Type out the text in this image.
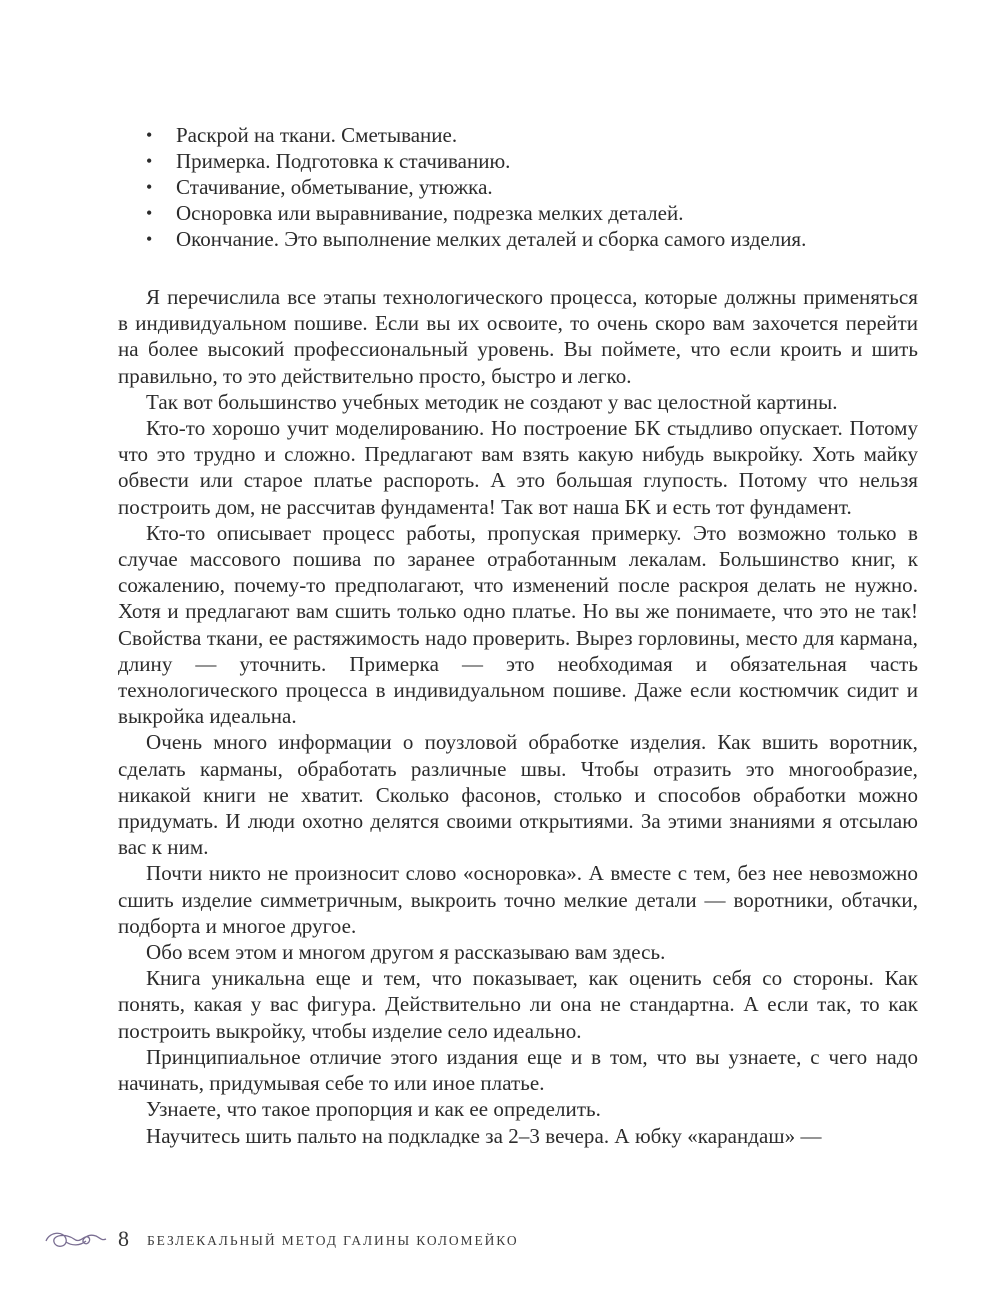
• Раскрой на ткани. Сметывание.
• Примерка. Подготовка к стачиванию.
• Стачивание, обметывание, утюжка.
• Осноровка или выравнивание, подрезка мелких деталей.
• Окончание. Это выполнение мелких деталей и сборка самого изделия.

Я перечислила все этапы технологического процесса, которые должны применяться в индивидуальном пошиве. Если вы их освоите, то очень скоро вам захочется перейти на более высокий профессиональный уровень. Вы поймете, что если кроить и шить правильно, то это действительно просто, быстро и легко.

Так вот большинство учебных методик не создают у вас целостной картины.

Кто-то хорошо учит моделированию. Но построение БК стыдливо опускает. Потому что это трудно и сложно. Предлагают вам взять какую нибудь выкройку. Хоть майку обвести или старое платье распороть. А это большая глупость. Потому что нельзя построить дом, не рассчитав фундамента! Так вот наша БК и есть тот фундамент.

Кто-то описывает процесс работы, пропуская примерку. Это возможно только в случае массового пошива по заранее отработанным лекалам. Большинство книг, к сожалению, почему-то предполагают, что изменений после раскроя делать не нужно. Хотя и предлагают вам сшить только одно платье. Но вы же понимаете, что это не так! Свойства ткани, ее растяжимость надо проверить. Вырез горловины, место для кармана, длину — уточнить. Примерка — это необходимая и обязательная часть технологического процесса в индивидуальном пошиве. Даже если костюмчик сидит и выкройка идеальна.

Очень много информации о поузловой обработке изделия. Как вшить воротник, сделать карманы, обработать различные швы. Чтобы отразить это многообразие, никакой книги не хватит. Сколько фасонов, столько и способов обработки можно придумать. И люди охотно делятся своими открытиями. За этими знаниями я отсылаю вас к ним.

Почти никто не произносит слово «осноровка». А вместе с тем, без нее невозможно сшить изделие симметричным, выкроить точно мелкие детали — воротники, обтачки, подборта и многое другое.

Обо всем этом и многом другом я рассказываю вам здесь.

Книга уникальна еще и тем, что показывает, как оценить себя со стороны. Как понять, какая у вас фигура. Действительно ли она не стандартна. А если так, то как построить выкройку, чтобы изделие село идеально.

Принципиальное отличие этого издания еще и в том, что вы узнаете, с чего надо начинать, придумывая себе то или иное платье.

Узнаете, что такое пропорция и как ее определить.

Научитесь шить пальто на подкладке за 2–3 вечера. А юбку «карандаш» —

8 БЕЗЛЕКАЛЬНЫЙ МЕТОД ГАЛИНЫ КОЛОМЕЙКО
